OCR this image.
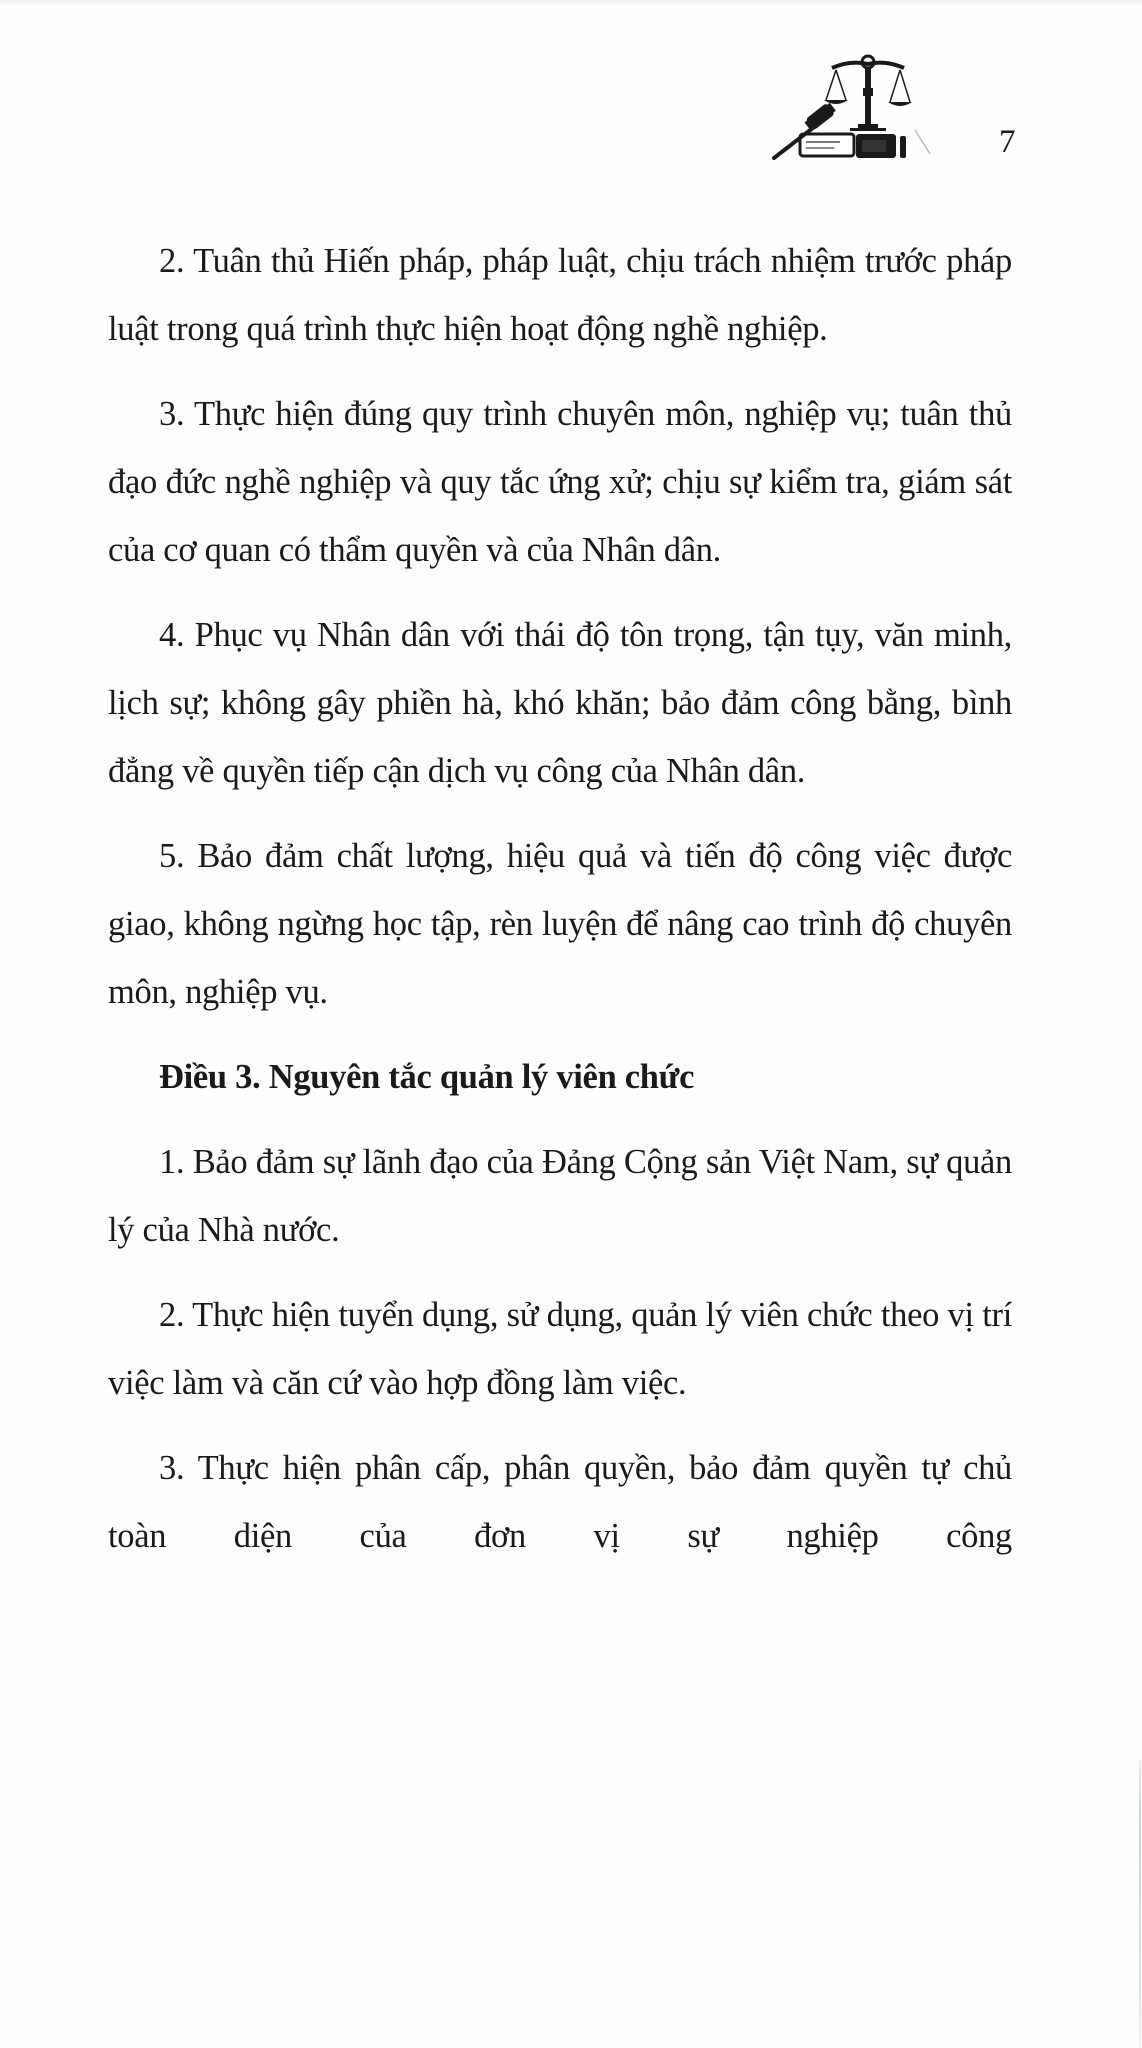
7

2. Tuân thủ Hiến pháp, pháp luật, chịu trách nhiệm trước pháp luật trong quá trình thực hiện hoạt động nghề nghiệp.

3. Thực hiện đúng quy trình chuyên môn, nghiệp vụ; tuân thủ đạo đức nghề nghiệp và quy tắc ứng xử; chịu sự kiểm tra, giám sát của cơ quan có thẩm quyền và của Nhân dân.

4. Phục vụ Nhân dân với thái độ tôn trọng, tận tụy, văn minh, lịch sự; không gây phiền hà, khó khăn; bảo đảm công bằng, bình đẳng về quyền tiếp cận dịch vụ công của Nhân dân.

5. Bảo đảm chất lượng, hiệu quả và tiến độ công việc được giao, không ngừng học tập, rèn luyện để nâng cao trình độ chuyên môn, nghiệp vụ.

Điều 3. Nguyên tắc quản lý viên chức

1. Bảo đảm sự lãnh đạo của Đảng Cộng sản Việt Nam, sự quản lý của Nhà nước.

2. Thực hiện tuyển dụng, sử dụng, quản lý viên chức theo vị trí việc làm và căn cứ vào hợp đồng làm việc.

3. Thực hiện phân cấp, phân quyền, bảo đảm quyền tự chủ toàn diện của đơn vị sự nghiệp công
